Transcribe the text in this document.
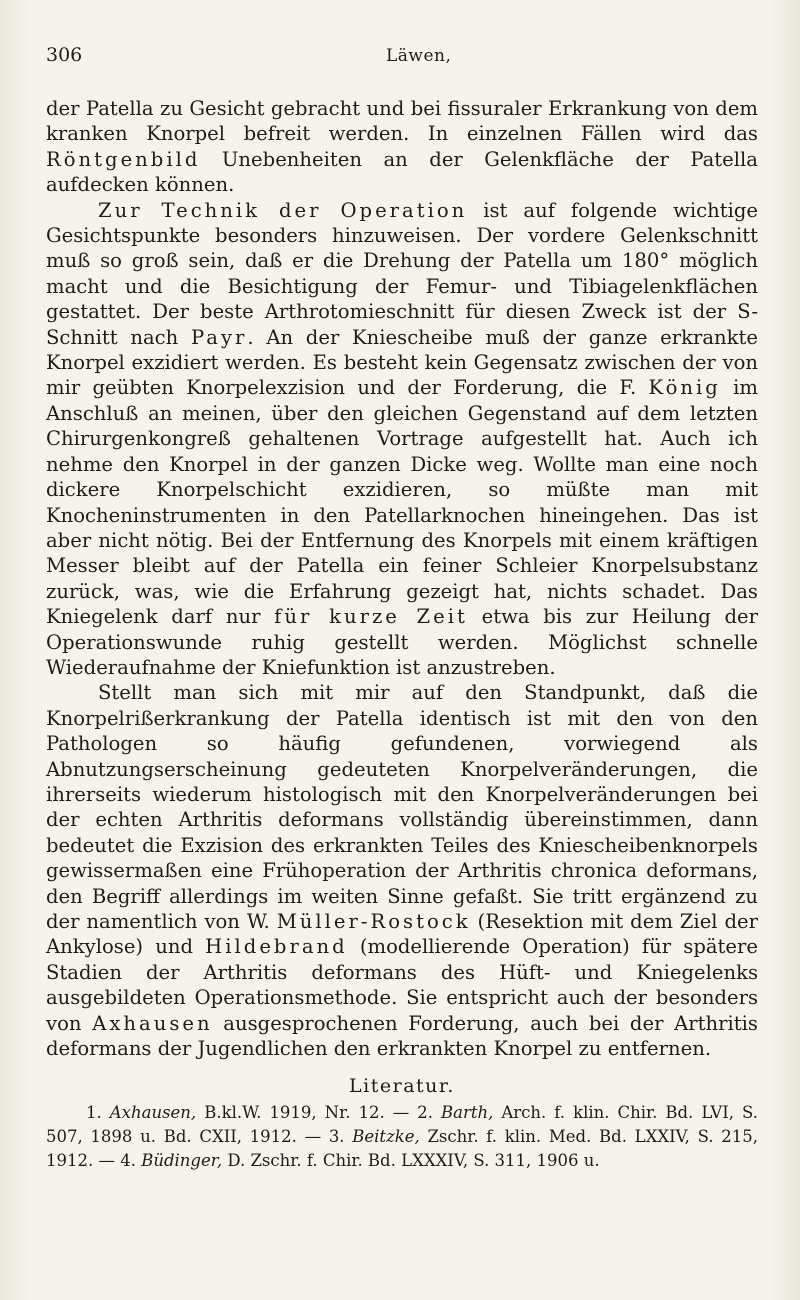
306	Läwen,

der Patella zu Gesicht gebracht und bei fissuraler Erkrankung von dem kranken Knorpel befreit werden. In einzelnen Fällen wird das Röntgenbild Unebenheiten an der Gelenkfläche der Patella aufdecken können.

Zur Technik der Operation ist auf folgende wichtige Gesichtspunkte besonders hinzuweisen. Der vordere Gelenkschnitt muß so groß sein, daß er die Drehung der Patella um 180° möglich macht und die Besichtigung der Femur- und Tibiagelenkflächen gestattet. Der beste Arthrotomieschnitt für diesen Zweck ist der S-Schnitt nach Payr. An der Kniescheibe muß der ganze erkrankte Knorpel exzidiert werden. Es besteht kein Gegensatz zwischen der von mir geübten Knorpelexzision und der Forderung, die F. König im Anschluß an meinen, über den gleichen Gegenstand auf dem letzten Chirurgenkongreß gehaltenen Vortrage aufgestellt hat. Auch ich nehme den Knorpel in der ganzen Dicke weg. Wollte man eine noch dickere Knorpelschicht exzidieren, so müßte man mit Knocheninstrumenten in den Patellarknochen hineingehen. Das ist aber nicht nötig. Bei der Entfernung des Knorpels mit einem kräftigen Messer bleibt auf der Patella ein feiner Schleier Knorpelsubstanz zurück, was, wie die Erfahrung gezeigt hat, nichts schadet. Das Kniegelenk darf nur für kurze Zeit etwa bis zur Heilung der Operationswunde ruhig gestellt werden. Möglichst schnelle Wiederaufnahme der Kniefunktion ist anzustreben.

Stellt man sich mit mir auf den Standpunkt, daß die Knorpelrißerkrankung der Patella identisch ist mit den von den Pathologen so häufig gefundenen, vorwiegend als Abnutzungserscheinung gedeuteten Knorpelveränderungen, die ihrerseits wiederum histologisch mit den Knorpelveränderungen bei der echten Arthritis deformans vollständig übereinstimmen, dann bedeutet die Exzision des erkrankten Teiles des Kniescheibenknorpels gewissermaßen eine Frühoperation der Arthritis chronica deformans, den Begriff allerdings im weiten Sinne gefaßt. Sie tritt ergänzend zu der namentlich von W. Müller-Rostock (Resektion mit dem Ziel der Ankylose) und Hildebrand (modellierende Operation) für spätere Stadien der Arthritis deformans des Hüft- und Kniegelenks ausgebildeten Operationsmethode. Sie entspricht auch der besonders von Axhausen ausgesprochenen Forderung, auch bei der Arthritis deformans der Jugendlichen den erkrankten Knorpel zu entfernen.

Literatur.

1. Axhausen, B.kl.W. 1919, Nr. 12. — 2. Barth, Arch. f. klin. Chir. Bd. LVI, S. 507, 1898 u. Bd. CXII, 1912. — 3. Beitzke, Zschr. f. klin. Med. Bd. LXXIV, S. 215, 1912. — 4. Büdinger, D. Zschr. f. Chir. Bd. LXXXIV, S. 311, 1906 u.
